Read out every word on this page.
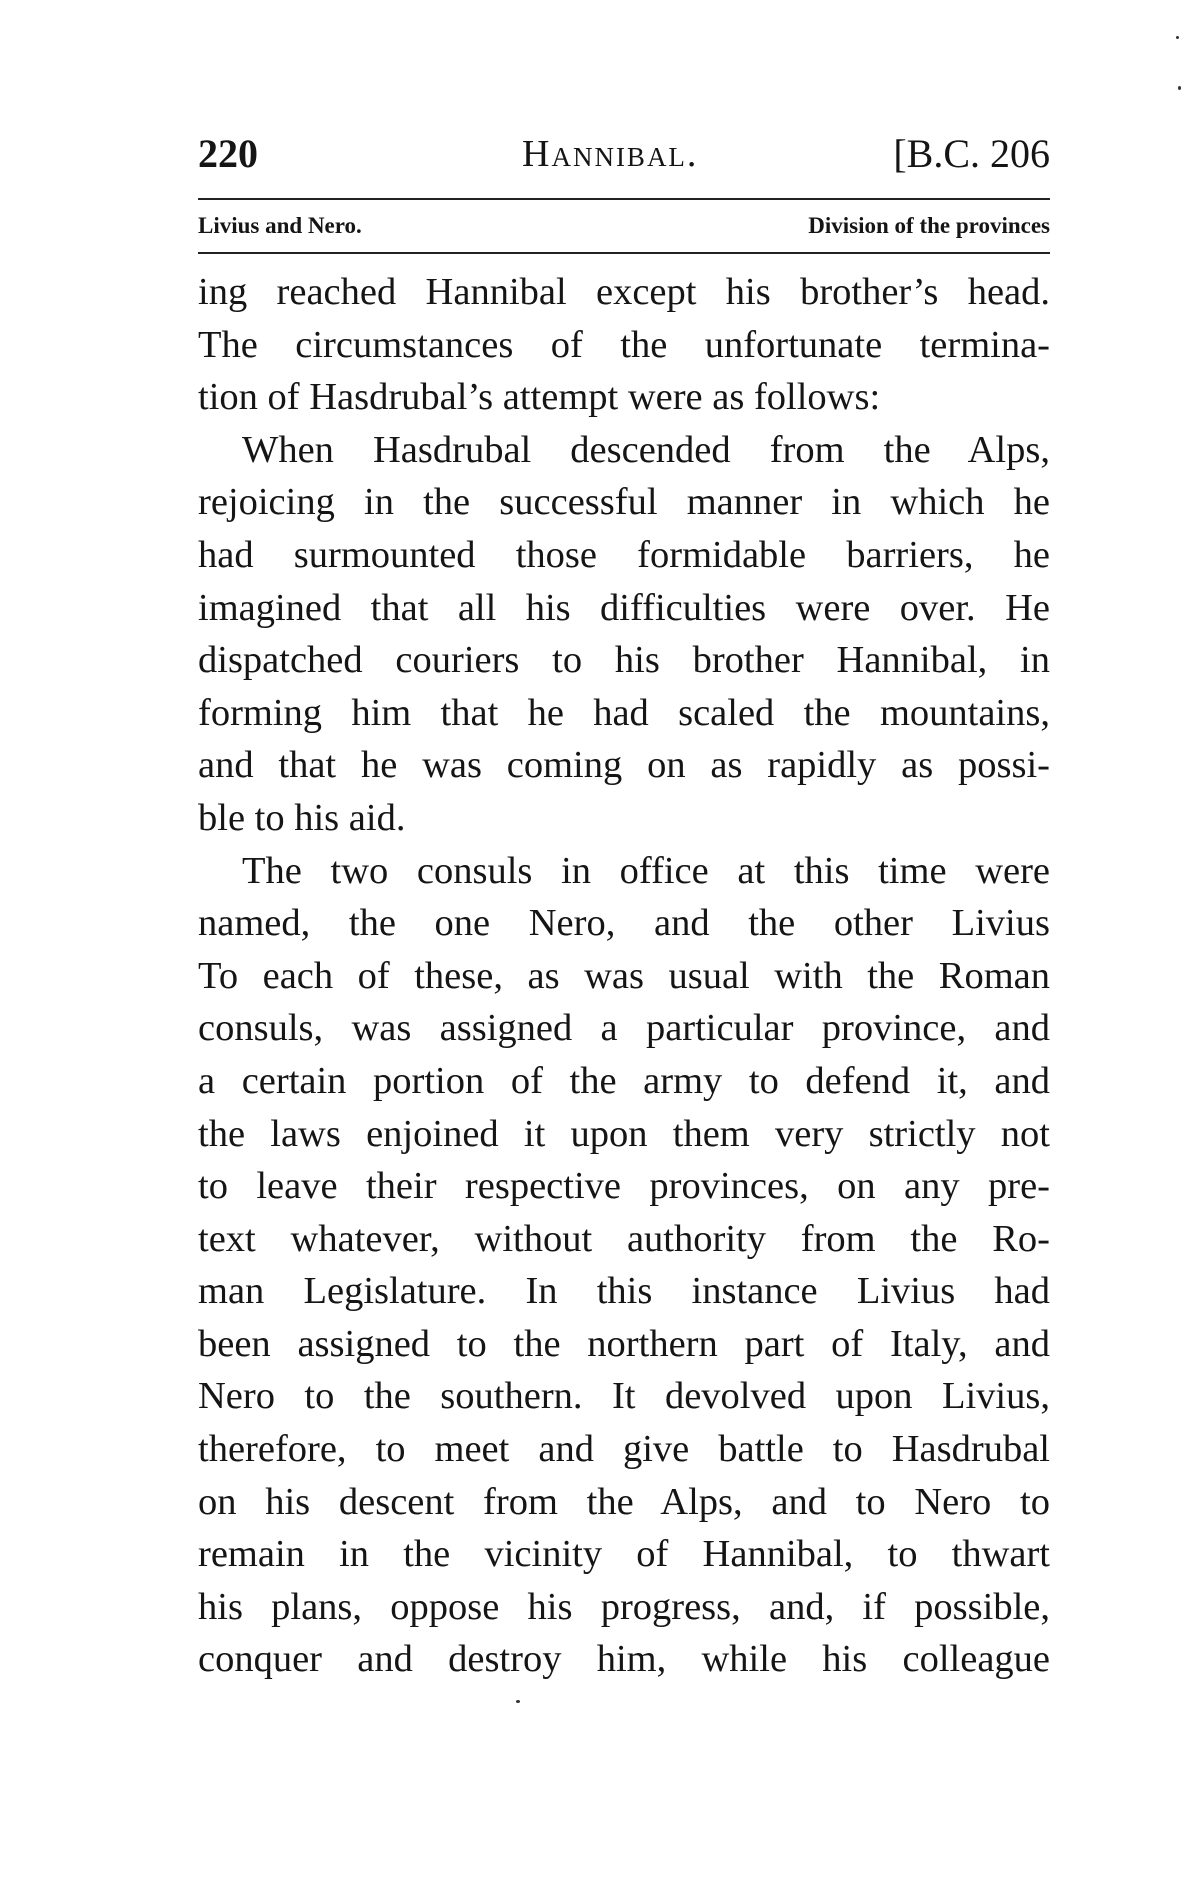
220	Hannibal.	[B.C. 206
Livius and Nero.	Division of the provinces
ing reached Hannibal except his brother’s head.
The circumstances of the unfortunate termina-
tion of Hasdrubal’s attempt were as follows:
When Hasdrubal descended from the Alps,
rejoicing in the successful manner in which he
had surmounted those formidable barriers, he
imagined that all his difficulties were over. He
dispatched couriers to his brother Hannibal, in
forming him that he had scaled the mountains,
and that he was coming on as rapidly as possi-
ble to his aid.
The two consuls in office at this time were
named, the one Nero, and the other Livius
To each of these, as was usual with the Roman
consuls, was assigned a particular province, and
a certain portion of the army to defend it, and
the laws enjoined it upon them very strictly not
to leave their respective provinces, on any pre-
text whatever, without authority from the Ro-
man Legislature. In this instance Livius had
been assigned to the northern part of Italy, and
Nero to the southern. It devolved upon Livius,
therefore, to meet and give battle to Hasdrubal
on his descent from the Alps, and to Nero to
remain in the vicinity of Hannibal, to thwart
his plans, oppose his progress, and, if possible,
conquer and destroy him, while his colleague
